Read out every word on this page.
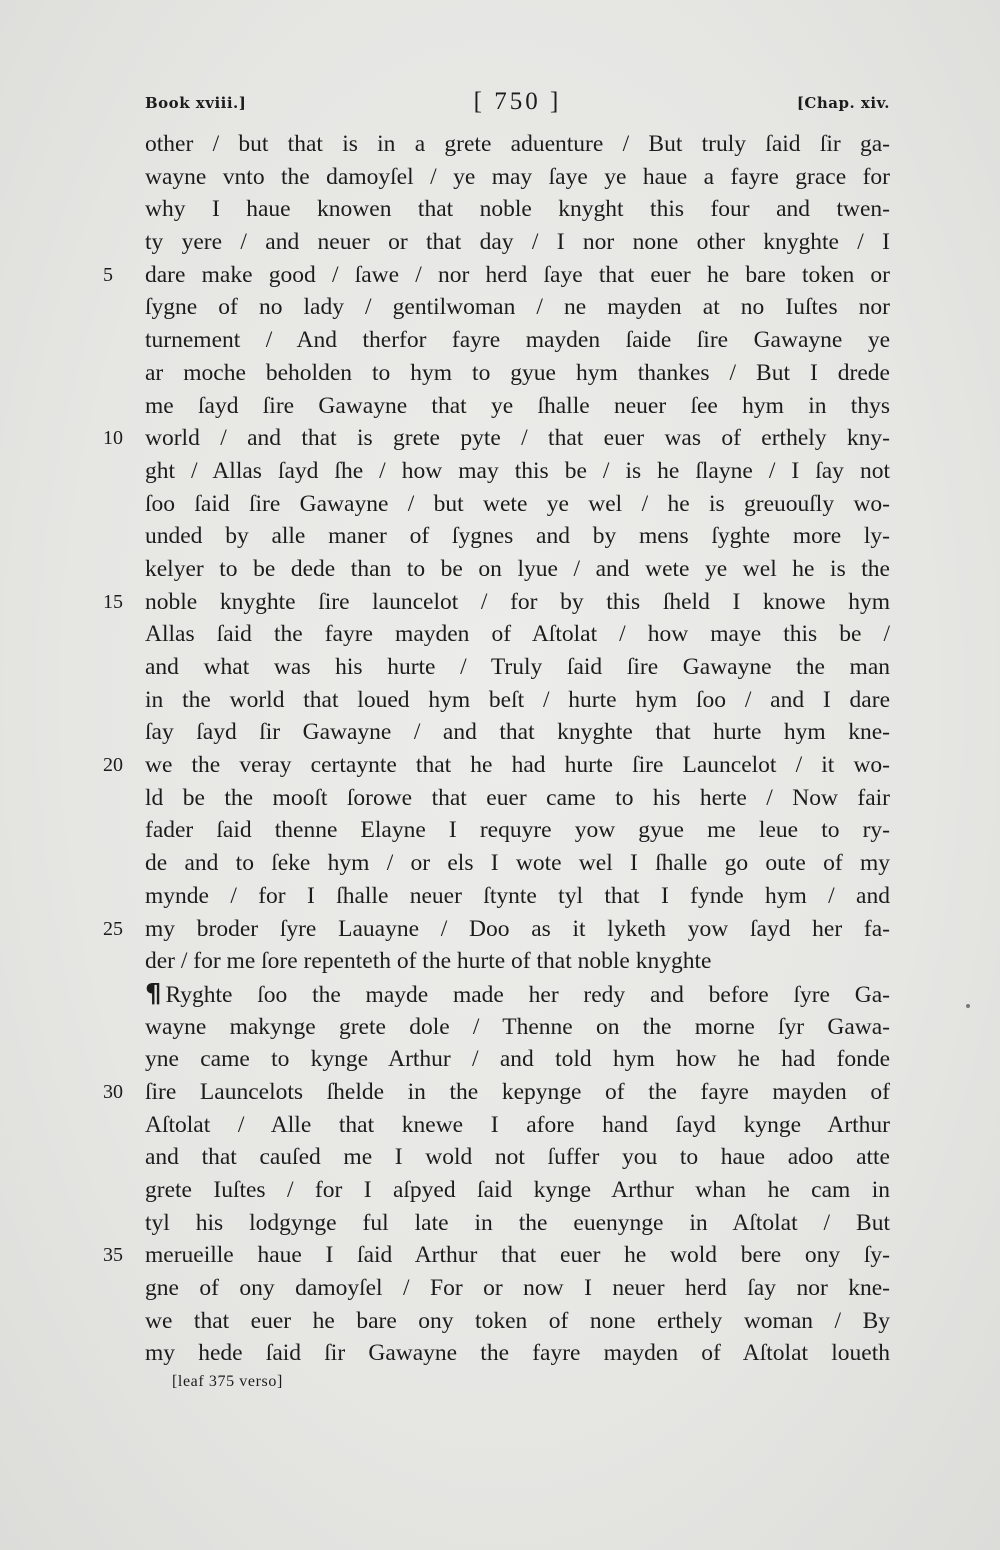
Book xviii.]	[ 750 ]	[Chap. xiv.
other / but that is in a grete aduenture / But truly ſaid ſir ga-
wayne vnto the damoyſel / ye may ſaye ye haue a fayre grace for
why I haue knowen that noble knyght this four and twen-
ty yere / and neuer or that day / I nor none other knyghte / I
5	dare make good / ſawe / nor herd ſaye that euer he bare token or
ſygne of no lady / gentilwoman / ne mayden at no Iuſtes nor
turnement / And therfor fayre mayden ſaide ſire Gawayne ye
ar moche beholden to hym to gyue hym thankes / But I drede
me ſayd ſire Gawayne that ye ſhalle neuer ſee hym in thys
10 world / and that is grete pyte / that euer was of erthely kny-
ght / Allas ſayd ſhe / how may this be / is he ſlayne / I ſay not
ſoo ſaid ſire Gawayne / but wete ye wel / he is greuouſly wo-
unded by alle maner of ſygnes and by mens ſyghte more ly-
kelyer to be dede than to be on lyue / and wete ye wel he is the
15 noble knyghte ſire launcelot / for by this ſheld I knowe hym
Allas ſaid the fayre mayden of Aſtolat / how maye this be /
and what was his hurte / Truly ſaid ſire Gawayne the man
in the world that loued hym beſt / hurte hym ſoo / and I dare
ſay ſayd ſir Gawayne / and that knyghte that hurte hym kne-
20 we the veray certaynte that he had hurte ſire Launcelot / it wo-
ld be the mooſt ſorowe that euer came to his herte / Now fair
fader ſaid thenne Elayne I requyre yow gyue me leue to ry-
de and to ſeke hym / or els I wote wel I ſhalle go oute of my
mynde / for I ſhalle neuer ſtynte tyl that I fynde hym / and
25 my broder ſyre Lauayne / Doo as it lyketh yow ſayd her fa-
der / for me ſore repenteth of the hurte of that noble knyghte
¶ Ryghte ſoo the mayde made her redy and before ſyre Ga-
wayne makynge grete dole / Thenne on the morne ſyr Gawa-
yne came to kynge Arthur / and told hym how he had fonde
30 ſire Launcelots ſhelde in the kepynge of the fayre mayden of
Aſtolat / Alle that knewe I afore hand ſayd kynge Arthur
and that cauſed me I wold not ſuffer you to haue adoo atte
grete Iuſtes / for I aſpyed ſaid kynge Arthur whan he cam in
tyl his lodgynge ful late in the euenynge in Aſtolat / But
35 merueille haue I ſaid Arthur that euer he wold bere ony ſy-
gne of ony damoyſel / For or now I neuer herd ſay nor kne-
we that euer he bare ony token of none erthely woman / By
my hede ſaid ſir Gawayne the fayre mayden of Aſtolat loueth
[leaf 375 verso]
